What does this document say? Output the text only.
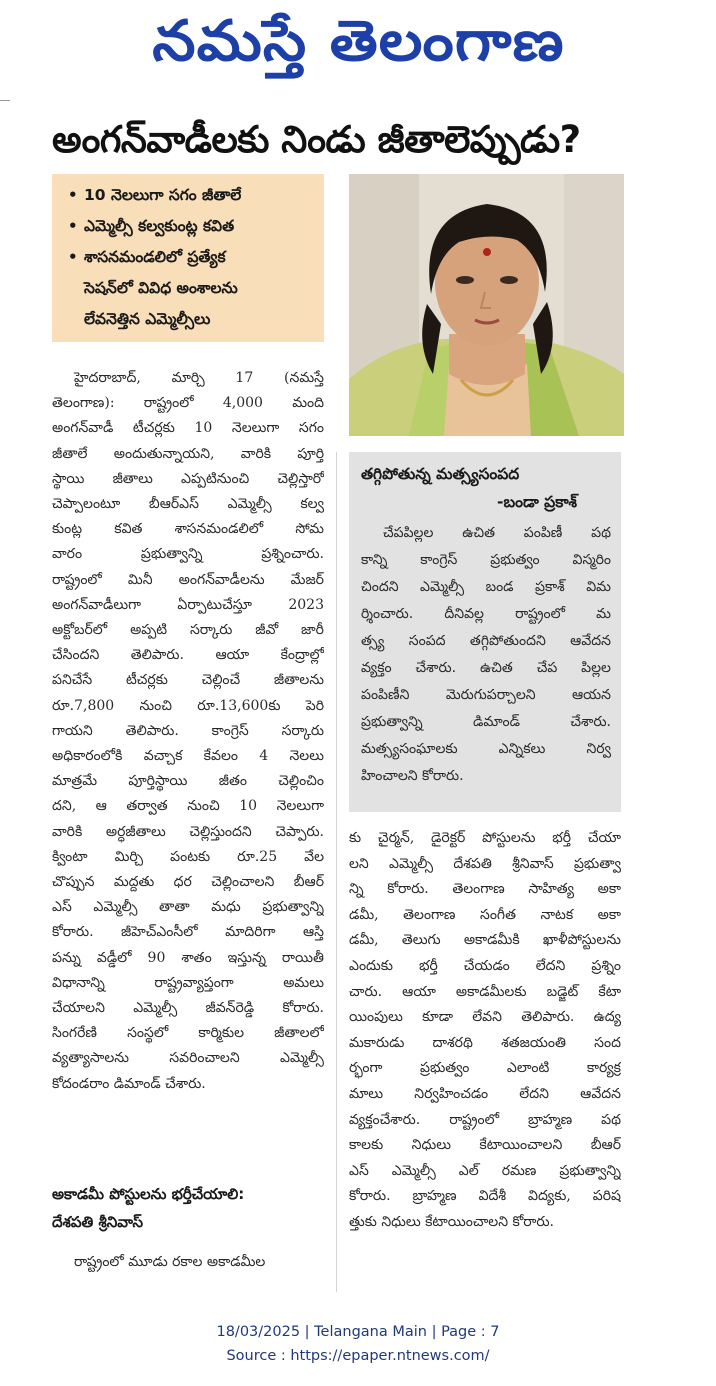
నమస్తే తెలంగాణ
అంగన్‌వాడీలకు నిండు జీతాలెప్పుడు?
• 10 నెలలుగా సగం జీతాలే
• ఎమ్మెల్సీ కల్వకుంట్ల కవిత
• శాసనమండలిలో ప్రత్యేక
సెషన్‌లో వివిధ అంశాలను
లేవనెత్తిన ఎమ్మెల్సీలు
హైదరాబాద్‌, మార్చి 17 (నమస్తే
తెలంగాణ): రాష్ట్రంలో 4,000 మంది
అంగన్‌వాడీ టీచర్లకు 10 నెలలుగా సగం
జీతాలే అందుతున్నాయని, వారికి పూర్తి
స్థాయి జీతాలు ఎప్పటినుంచి చెల్లిస్తారో
చెప్పాలంటూ బీఆర్‌ఎస్‌ ఎమ్మెల్సీ కల్వ
కుంట్ల కవిత శాసనమండలిలో సోమ
వారం ప్రభుత్వాన్ని ప్రశ్నించారు.
రాష్ట్రంలో మినీ అంగన్‌వాడీలను మేజర్‌
అంగన్‌వాడీలుగా ఏర్పాటుచేస్తూ 2023
అక్టోబర్‌లో అప్పటి సర్కారు జీవో జారీ
చేసిందని తెలిపారు. ఆయా కేంద్రాల్లో
పనిచేసే టీచర్లకు చెల్లించే జీతాలను
రూ.7,800 నుంచి రూ.13,600కు పెరి
గాయని తెలిపారు. కాంగ్రెస్‌ సర్కారు
అధికారంలోకి వచ్చాక కేవలం 4 నెలలు
మాత్రమే పూర్తిస్థాయి జీతం చెల్లించిం
దని, ఆ తర్వాత నుంచి 10 నెలలుగా
వారికి అర్ధజీతాలు చెల్లిస్తుందని చెప్పారు.
క్వింటా మిర్చి పంటకు రూ.25 వేల
చొప్పున మద్దతు ధర చెల్లించాలని బీఆర్‌
ఎస్‌ ఎమ్మెల్సీ తాతా మధు ప్రభుత్వాన్ని
కోరారు. జీహెచ్‌ఎంసీలో మాదిరిగా ఆస్తి
పన్ను వడ్డీలో 90 శాతం ఇస్తున్న రాయితీ
విధానాన్ని రాష్ట్రవ్యాప్తంగా అమలు
చేయాలని ఎమ్మెల్సీ జీవన్‌రెడ్డి కోరారు.
సింగరేణి సంస్థలో కార్మికుల జీతాలలో
వ్యత్యాసాలను సవరించాలని ఎమ్మెల్సీ
కోదండరాం డిమాండ్‌ చేశారు.
అకాడమీ పోస్టులను భర్తీచేయాలి:
దేశపతి శ్రీనివాస్‌
రాష్ట్రంలో మూడు రకాల అకాడమీల
తగ్గిపోతున్న మత్స్యసంపద
-బండా ప్రకాశ్‌
చేపపిల్లల ఉచిత పంపిణీ పథ
కాన్ని కాంగ్రెస్‌ ప్రభుత్వం విస్మరిం
చిందని ఎమ్మెల్సీ బండ ప్రకాశ్‌ విమ
ర్శించారు. దీనివల్ల రాష్ట్రంలో మ
త్స్య సంపద తగ్గిపోతుందని ఆవేదన
వ్యక్తం చేశారు. ఉచిత చేప పిల్లల
పంపిణీని మెరుగుపర్చాలని ఆయన
ప్రభుత్వాన్ని డిమాండ్‌ చేశారు.
మత్స్యసంఘాలకు ఎన్నికలు నిర్వ
హించాలని కోరారు.
కు చైర్మన్‌, డైరెక్టర్‌ పోస్టులను భర్తీ చేయా
లని ఎమ్మెల్సీ దేశపతి శ్రీనివాస్‌ ప్రభుత్వా
న్ని కోరారు. తెలంగాణ సాహిత్య అకా
డమీ, తెలంగాణ సంగీత నాటక అకా
డమీ, తెలుగు అకాడమీకి ఖాళీపోస్టులను
ఎందుకు భర్తీ చేయడం లేదని ప్రశ్నిం
చారు. ఆయా అకాడమీలకు బడ్జెట్‌ కేటా
యింపులు కూడా లేవని తెలిపారు. ఉద్య
మకారుడు దాశరథి శతజయంతి సంద
ర్భంగా ప్రభుత్వం ఎలాంటి కార్యక్ర
మాలు నిర్వహించడం లేదని ఆవేదన
వ్యక్తంచేశారు. రాష్ట్రంలో బ్రాహ్మణ పథ
కాలకు నిధులు కేటాయించాలని బీఆర్‌
ఎస్‌ ఎమ్మెల్సీ ఎల్‌ రమణ ప్రభుత్వాన్ని
కోరారు. బ్రాహ్మణ విదేశీ విద్యకు, పరిష
త్తుకు నిధులు కేటాయించాలని కోరారు.
18/03/2025 | Telangana Main | Page : 7
Source : https://epaper.ntnews.com/
